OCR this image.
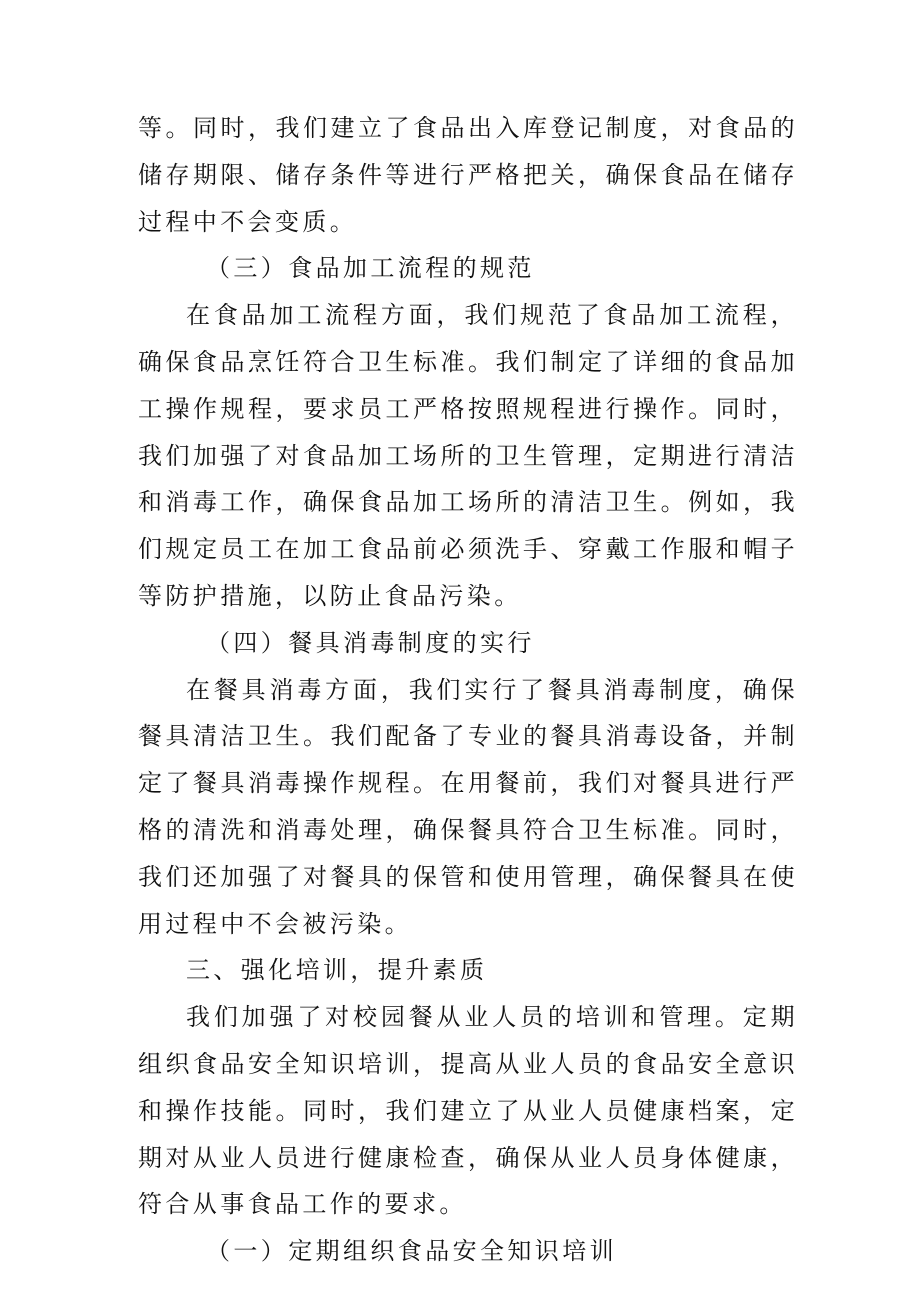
等。同时，我们建立了食品出入库登记制度，对食品的储存期限、储存条件等进行严格把关，确保食品在储存过程中不会变质。

（三）食品加工流程的规范

在食品加工流程方面，我们规范了食品加工流程，确保食品烹饪符合卫生标准。我们制定了详细的食品加工操作规程，要求员工严格按照规程进行操作。同时，我们加强了对食品加工场所的卫生管理，定期进行清洁和消毒工作，确保食品加工场所的清洁卫生。例如，我们规定员工在加工食品前必须洗手、穿戴工作服和帽子等防护措施，以防止食品污染。

（四）餐具消毒制度的实行

在餐具消毒方面，我们实行了餐具消毒制度，确保餐具清洁卫生。我们配备了专业的餐具消毒设备，并制定了餐具消毒操作规程。在用餐前，我们对餐具进行严格的清洗和消毒处理，确保餐具符合卫生标准。同时，我们还加强了对餐具的保管和使用管理，确保餐具在使用过程中不会被污染。

三、强化培训，提升素质

我们加强了对校园餐从业人员的培训和管理。定期组织食品安全知识培训，提高从业人员的食品安全意识和操作技能。同时，我们建立了从业人员健康档案，定期对从业人员进行健康检查，确保从业人员身体健康，符合从事食品工作的要求。

（一）定期组织食品安全知识培训
